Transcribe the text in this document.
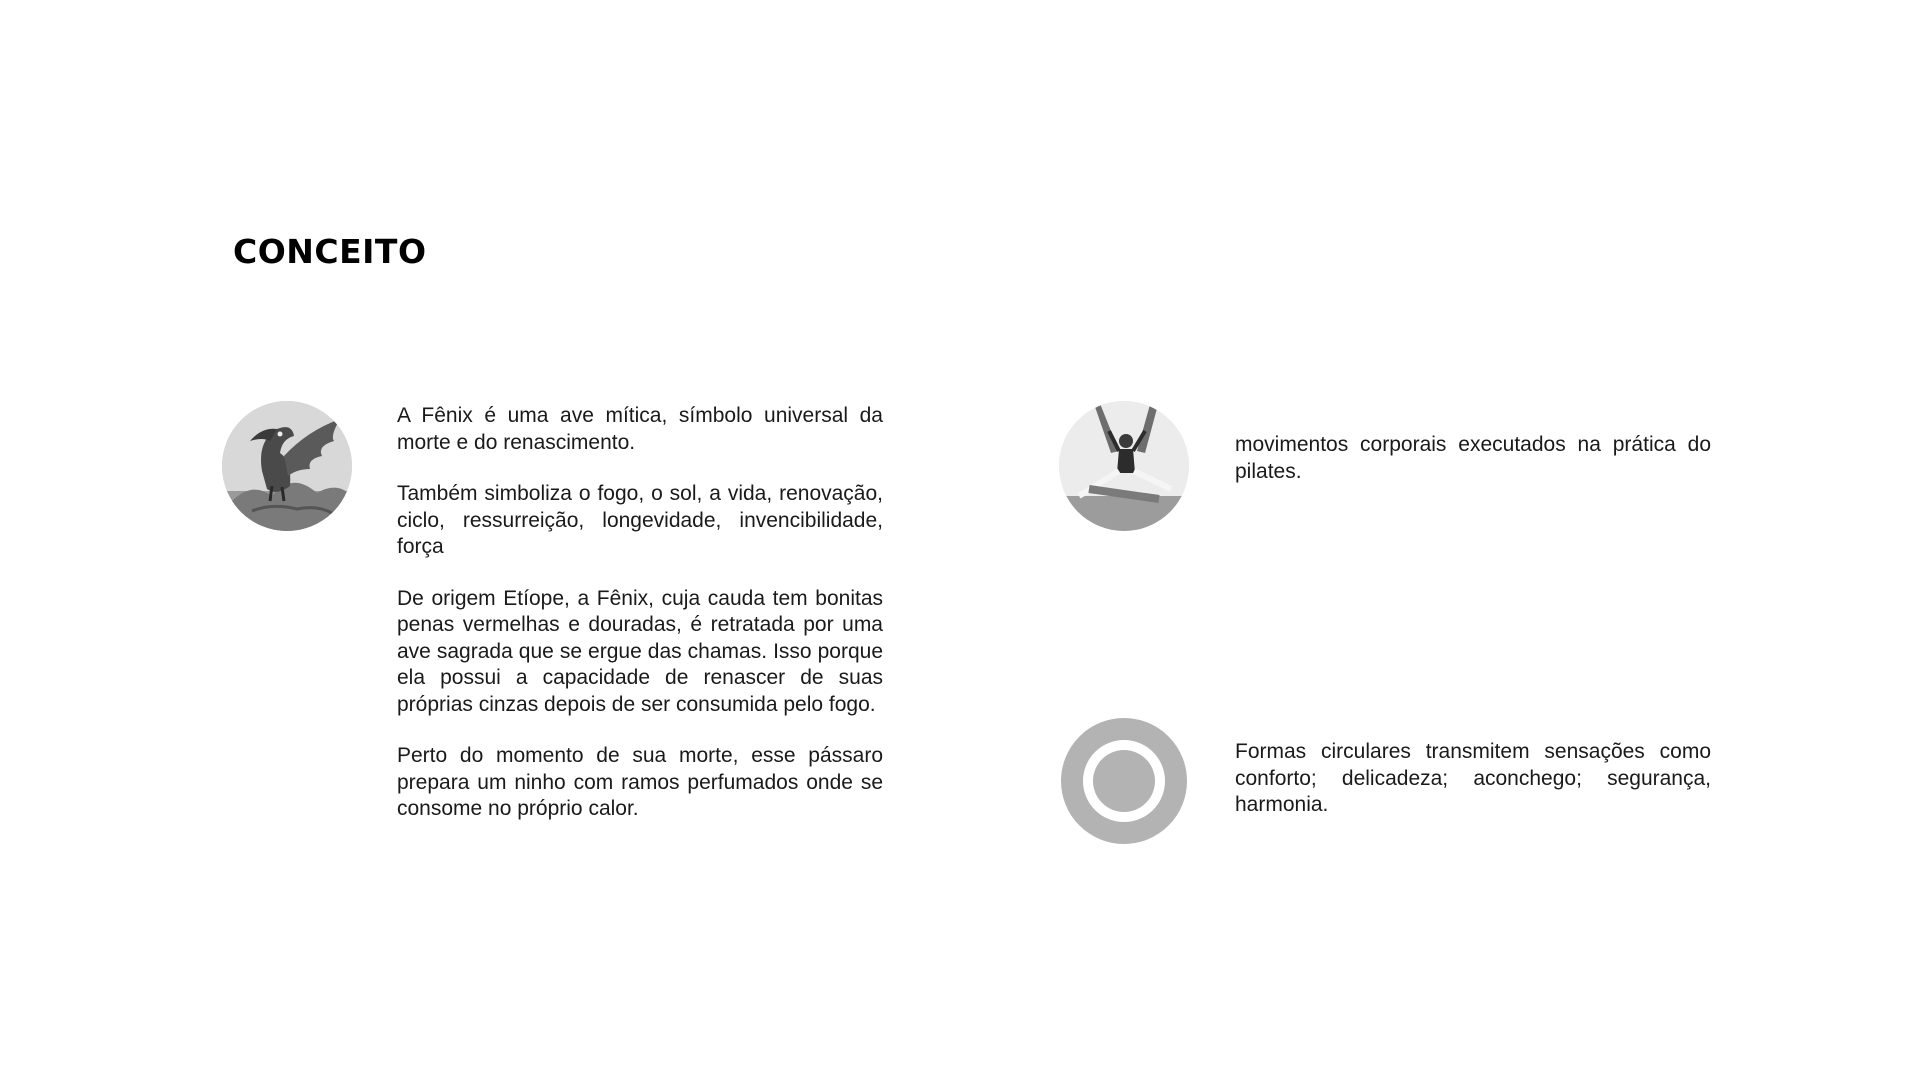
CONCEITO

A Fênix é uma ave mítica, símbolo universal da morte e do renascimento.

Também simboliza o fogo, o sol, a vida, renovação, ciclo, ressurreição, longevidade, invencibilidade, força

De origem Etíope, a Fênix, cuja cauda tem bonitas penas vermelhas e douradas, é retratada por uma ave sagrada que se ergue das chamas. Isso porque ela possui a capacidade de renascer de suas próprias cinzas depois de ser consumida pelo fogo.

Perto do momento de sua morte, esse pássaro prepara um ninho com ramos perfumados onde se consome no próprio calor.

movimentos corporais executados na prática do pilates.

Formas circulares transmitem sensações como conforto; delicadeza; aconchego; segurança, harmonia.
